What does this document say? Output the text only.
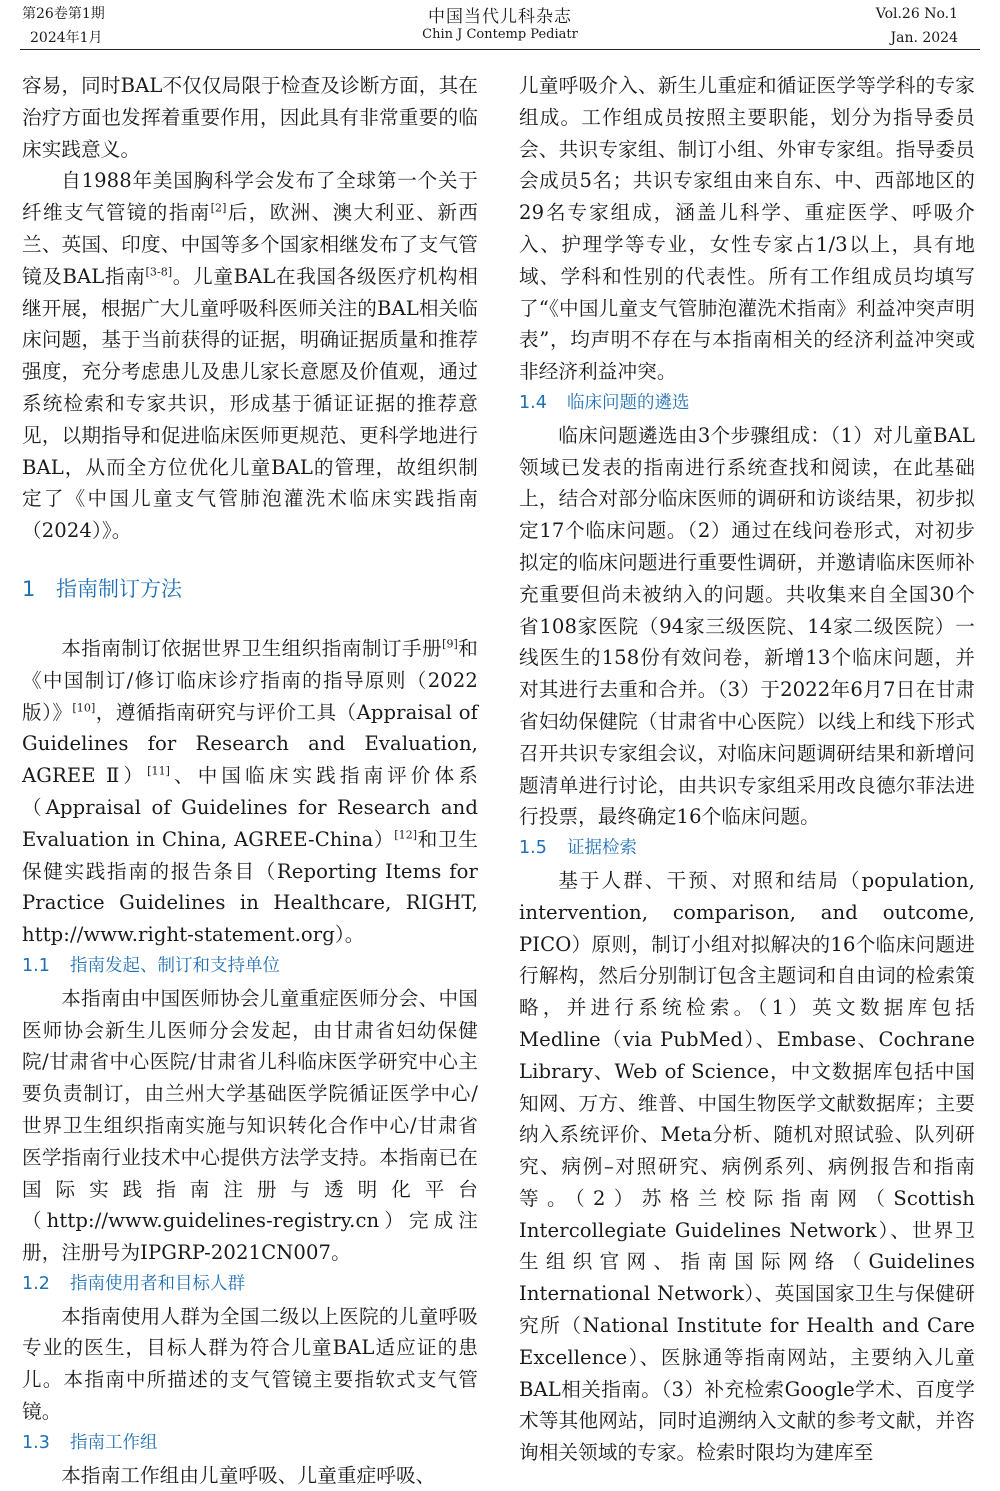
第26卷第1期
2024年1月
中国当代儿科杂志
Chin J Contemp Pediatr
Vol.26 No.1
Jan. 2024

容易，同时BAL不仅仅局限于检查及诊断方面，其在治疗方面也发挥着重要作用，因此具有非常重要的临床实践意义。

自1988年美国胸科学会发布了全球第一个关于纤维支气管镜的指南[2]后，欧洲、澳大利亚、新西兰、英国、印度、中国等多个国家相继发布了支气管镜及BAL指南[3-8]。儿童BAL在我国各级医疗机构相继开展，根据广大儿童呼吸科医师关注的BAL相关临床问题，基于当前获得的证据，明确证据质量和推荐强度，充分考虑患儿及患儿家长意愿及价值观，通过系统检索和专家共识，形成基于循证证据的推荐意见，以期指导和促进临床医师更规范、更科学地进行BAL，从而全方位优化儿童BAL的管理，故组织制定了《中国儿童支气管肺泡灌洗术临床实践指南（2024）》。

1 指南制订方法

本指南制订依据世界卫生组织指南制订手册[9]和《中国制订/修订临床诊疗指南的指导原则（2022版）》[10]，遵循指南研究与评价工具（Appraisal of Guidelines for Research and Evaluation, AGREE Ⅱ）[11]、中国临床实践指南评价体系（Appraisal of Guidelines for Research and Evaluation in China, AGREE-China）[12]和卫生保健实践指南的报告条目（Reporting Items for Practice Guidelines in Healthcare, RIGHT, http://www.right-statement.org）。

1.1 指南发起、制订和支持单位

本指南由中国医师协会儿童重症医师分会、中国医师协会新生儿医师分会发起，由甘肃省妇幼保健院/甘肃省中心医院/甘肃省儿科临床医学研究中心主要负责制订，由兰州大学基础医学院循证医学中心/世界卫生组织指南实施与知识转化合作中心/甘肃省医学指南行业技术中心提供方法学支持。本指南已在国际实践指南注册与透明化平台（http://www.guidelines-registry.cn）完成注册，注册号为IPGRP-2021CN007。

1.2 指南使用者和目标人群

本指南使用人群为全国二级以上医院的儿童呼吸专业的医生，目标人群为符合儿童BAL适应证的患儿。本指南中所描述的支气管镜主要指软式支气管镜。

1.3 指南工作组

本指南工作组由儿童呼吸、儿童重症呼吸、

儿童呼吸介入、新生儿重症和循证医学等学科的专家组成。工作组成员按照主要职能，划分为指导委员会、共识专家组、制订小组、外审专家组。指导委员会成员5名；共识专家组由来自东、中、西部地区的29名专家组成，涵盖儿科学、重症医学、呼吸介入、护理学等专业，女性专家占1/3以上，具有地域、学科和性别的代表性。所有工作组成员均填写了“《中国儿童支气管肺泡灌洗术指南》利益冲突声明表”，均声明不存在与本指南相关的经济利益冲突或非经济利益冲突。

1.4 临床问题的遴选

临床问题遴选由3个步骤组成：（1）对儿童BAL领域已发表的指南进行系统查找和阅读，在此基础上，结合对部分临床医师的调研和访谈结果，初步拟定17个临床问题。（2）通过在线问卷形式，对初步拟定的临床问题进行重要性调研，并邀请临床医师补充重要但尚未被纳入的问题。共收集来自全国30个省108家医院（94家三级医院、14家二级医院）一线医生的158份有效问卷，新增13个临床问题，并对其进行去重和合并。（3）于2022年6月7日在甘肃省妇幼保健院（甘肃省中心医院）以线上和线下形式召开共识专家组会议，对临床问题调研结果和新增问题清单进行讨论，由共识专家组采用改良德尔菲法进行投票，最终确定16个临床问题。

1.5 证据检索

基于人群、干预、对照和结局（population, intervention, comparison, and outcome, PICO）原则，制订小组对拟解决的16个临床问题进行解构，然后分别制订包含主题词和自由词的检索策略，并进行系统检索。（1）英文数据库包括Medline（via PubMed）、Embase、Cochrane Library、Web of Science，中文数据库包括中国知网、万方、维普、中国生物医学文献数据库；主要纳入系统评价、Meta分析、随机对照试验、队列研究、病例–对照研究、病例系列、病例报告和指南等。（2）苏格兰校际指南网（Scottish Intercollegiate Guidelines Network）、世界卫生组织官网、指南国际网络（Guidelines International Network）、英国国家卫生与保健研究所（National Institute for Health and Care Excellence）、医脉通等指南网站，主要纳入儿童BAL相关指南。（3）补充检索Google学术、百度学术等其他网站，同时追溯纳入文献的参考文献，并咨询相关领域的专家。检索时限均为建库至
